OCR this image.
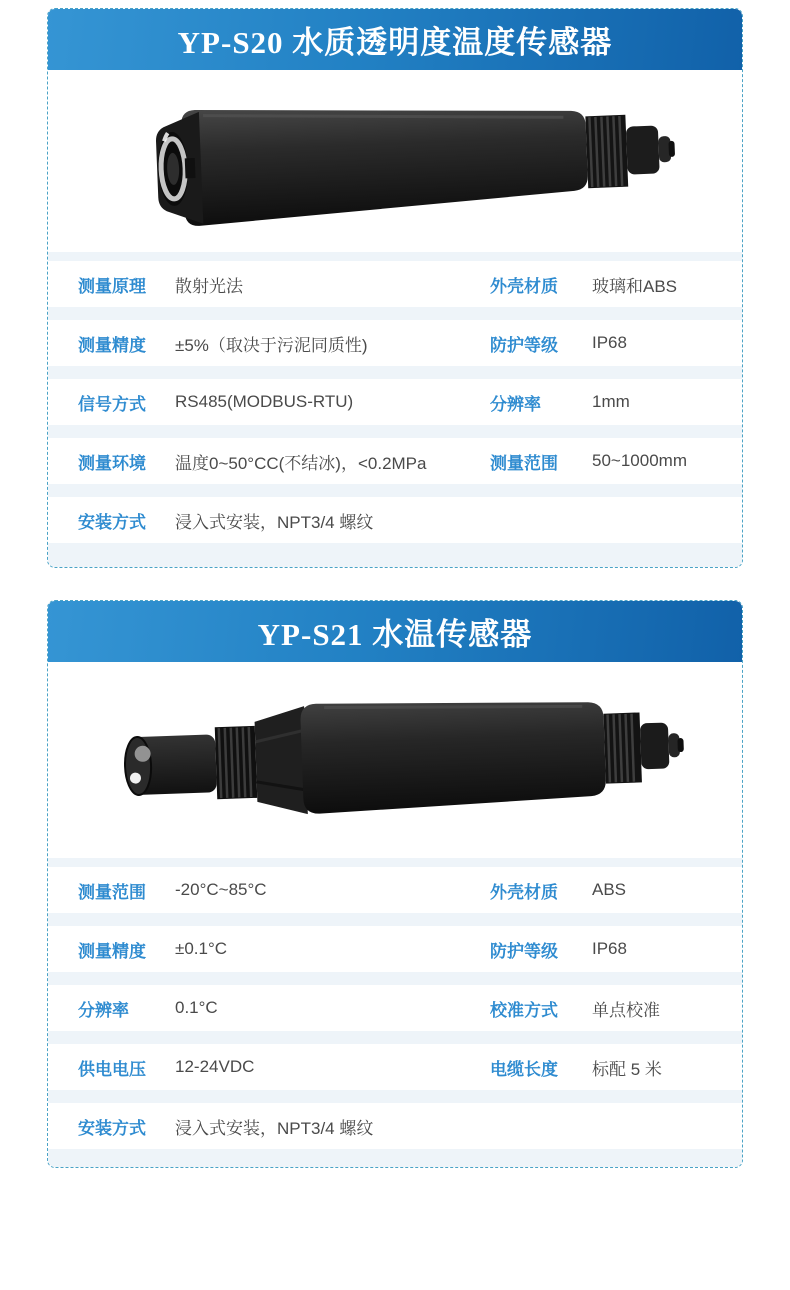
YP-S20 水质透明度温度传感器
测量原理	散射光法	外壳材质	玻璃和ABS
测量精度	±5%（取决于污泥同质性)	防护等级	IP68
信号方式	RS485(MODBUS-RTU)	分辨率	1mm
测量环境	温度0~50°CC(不结冰)，<0.2MPa	测量范围	50~1000mm
安装方式	浸入式安装，NPT3/4 螺纹
YP-S21 水温传感器
测量范围	-20°C~85°C	外壳材质	ABS
测量精度	±0.1°C	防护等级	IP68
分辨率	0.1°C	校准方式	单点校准
供电电压	12-24VDC	电缆长度	标配 5 米
安装方式	浸入式安装，NPT3/4 螺纹
